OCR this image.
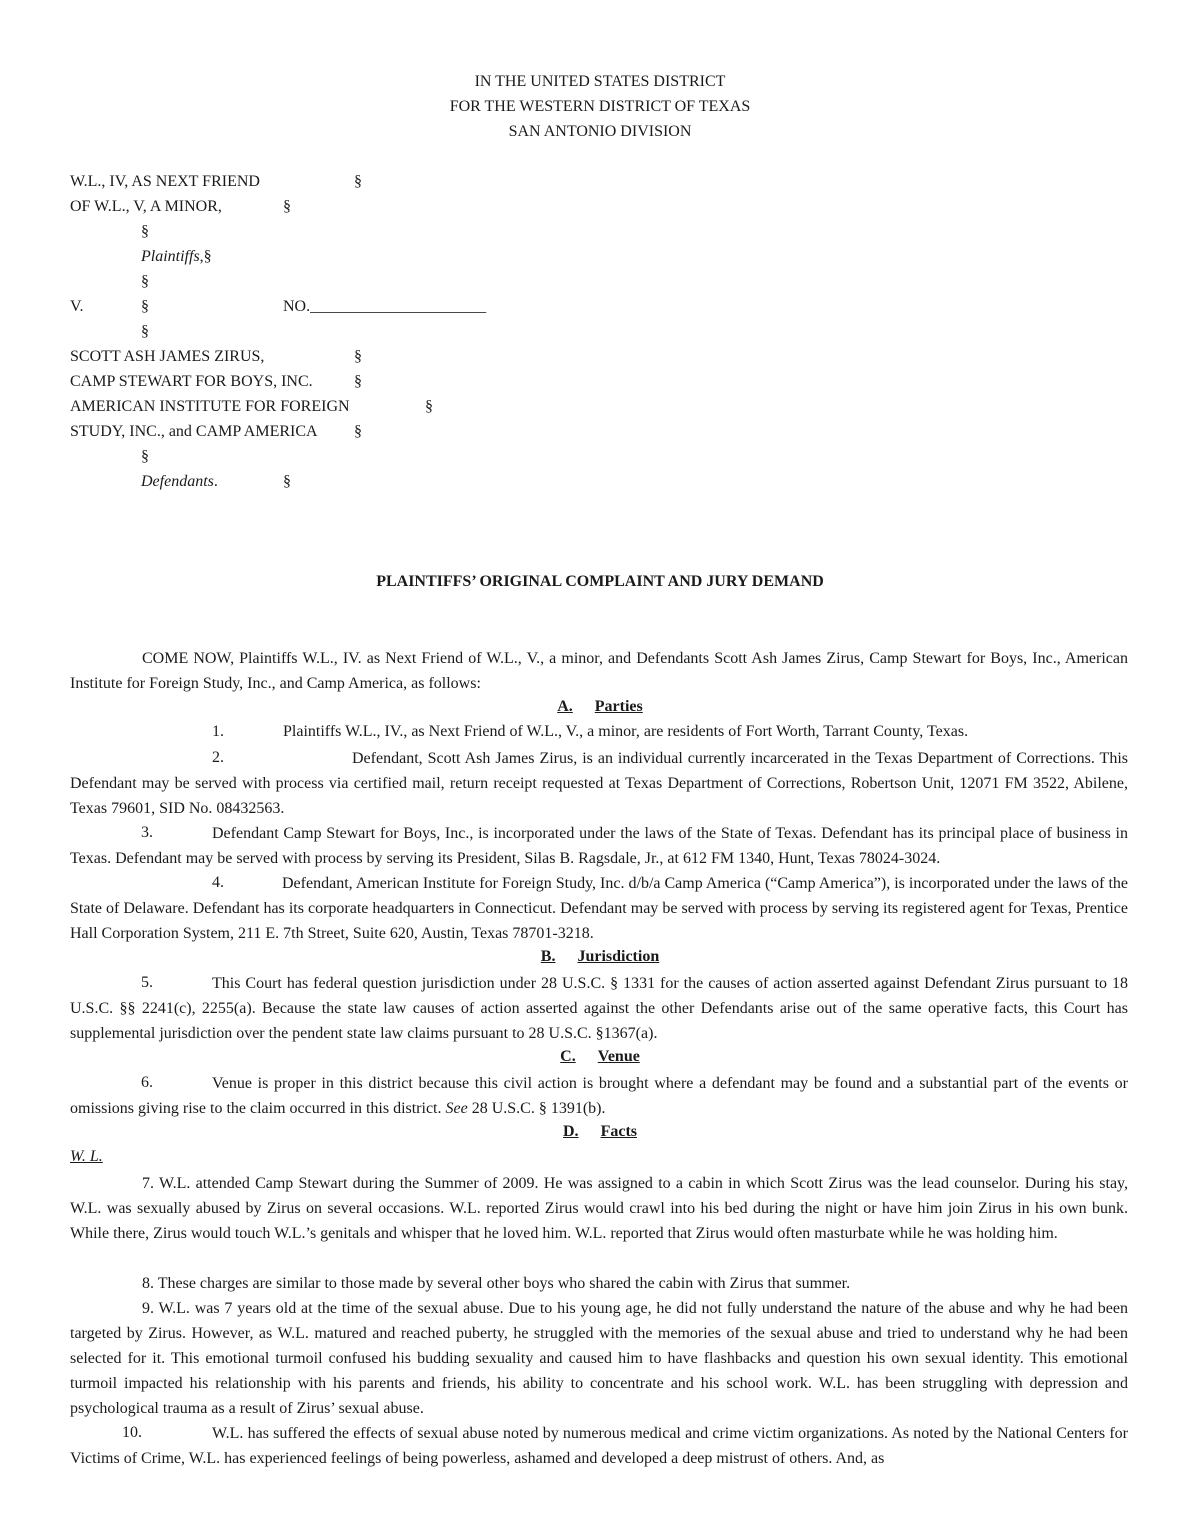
IN THE UNITED STATES DISTRICT
FOR THE WESTERN DISTRICT OF TEXAS
SAN ANTONIO DIVISION
W.L., IV, AS NEXT FRIEND	§
OF W.L., V, A MINOR,	§
§
Plaintiffs,§
§
V.	§	NO.______________________
§
SCOTT ASH JAMES ZIRUS,	§
CAMP STEWART FOR BOYS, INC.	§
AMERICAN INSTITUTE FOR FOREIGN	§
STUDY, INC., and CAMP AMERICA §
§
Defendants.	§
PLAINTIFFS’ ORIGINAL COMPLAINT AND JURY DEMAND
COME NOW, Plaintiffs W.L., IV. as Next Friend of W.L., V., a minor, and Defendants Scott Ash James Zirus, Camp Stewart for Boys, Inc., American Institute for Foreign Study, Inc., and Camp America, as follows:
A. Parties
1.	Plaintiffs W.L., IV., as Next Friend of W.L., V., a minor, are residents of Fort Worth, Tarrant County, Texas.
Defendant, Scott Ash James Zirus, is an individual currently incarcerated in the Texas Department of Corrections. This Defendant may be served with process via certified mail, return receipt requested at Texas Department of Corrections, Robertson Unit, 12071 FM 3522, Abilene, Texas 79601, SID No. 08432563.
2.
Defendant Camp Stewart for Boys, Inc., is incorporated under the laws of the State of Texas. Defendant has its principal place of business in Texas. Defendant may be served with process by serving its President, Silas B. Ragsdale, Jr., at 612 FM 1340, Hunt, Texas 78024-3024.
3.
Defendant, American Institute for Foreign Study, Inc. d/b/a Camp America (“Camp America”), is incorporated under the laws of the State of Delaware. Defendant has its corporate headquarters in Connecticut. Defendant may be served with process by serving its registered agent for Texas, Prentice Hall Corporation System, 211 E. 7th Street, Suite 620, Austin, Texas 78701-3218.
4.
B. Jurisdiction
This Court has federal question jurisdiction under 28 U.S.C. § 1331 for the causes of action asserted against Defendant Zirus pursuant to 18 U.S.C. §§ 2241(c), 2255(a). Because the state law causes of action asserted against the other Defendants arise out of the same operative facts, this Court has supplemental jurisdiction over the pendent state law claims pursuant to 28 U.S.C. §1367(a).
5.
C. Venue
Venue is proper in this district because this civil action is brought where a defendant may be found and a substantial part of the events or omissions giving rise to the claim occurred in this district. See 28 U.S.C. § 1391(b).
6.
D. Facts
W. L.
7. W.L. attended Camp Stewart during the Summer of 2009. He was assigned to a cabin in which Scott Zirus was the lead counselor. During his stay, W.L. was sexually abused by Zirus on several occasions. W.L. reported Zirus would crawl into his bed during the night or have him join Zirus in his own bunk. While there, Zirus would touch W.L.’s genitals and whisper that he loved him. W.L. reported that Zirus would often masturbate while he was holding him.
8. These charges are similar to those made by several other boys who shared the cabin with Zirus that summer.
9. W.L. was 7 years old at the time of the sexual abuse. Due to his young age, he did not fully understand the nature of the abuse and why he had been targeted by Zirus. However, as W.L. matured and reached puberty, he struggled with the memories of the sexual abuse and tried to understand why he had been selected for it. This emotional turmoil confused his budding sexuality and caused him to have flashbacks and question his own sexual identity. This emotional turmoil impacted his relationship with his parents and friends, his ability to concentrate and his school work. W.L. has been struggling with depression and psychological trauma as a result of Zirus’ sexual abuse.
W.L. has suffered the effects of sexual abuse noted by numerous medical and crime victim organizations. As noted by the National Centers for Victims of Crime, W.L. has experienced feelings of being powerless, ashamed and developed a deep mistrust of others. And, as
10.
